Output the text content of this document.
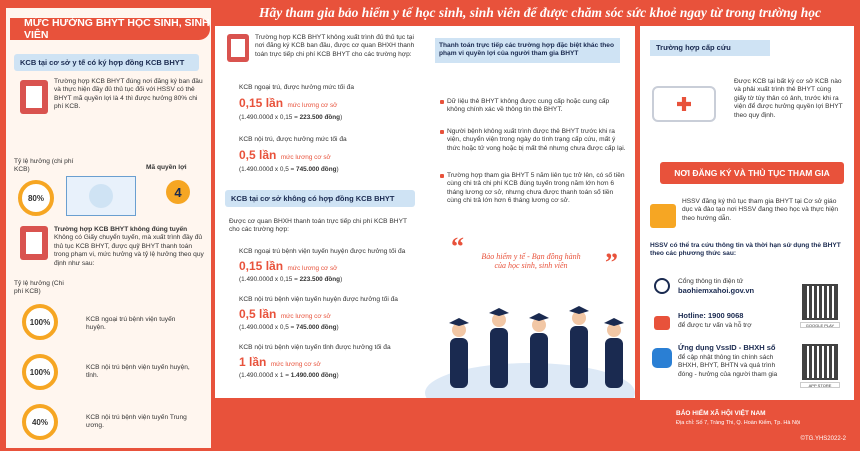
Hãy tham gia bảo hiểm y tế học sinh, sinh viên để được chăm sóc sức khoẻ ngay từ trong trường học
MỨC HƯỞNG BHYT HỌC SINH, SINH VIÊN
KCB tại cơ sở y tế có ký hợp đồng KCB BHYT
Trường hợp KCB BHYT đúng nơi đăng ký ban đầu và thực hiện đầy đủ thủ tục đối với HSSV có thẻ BHYT mã quyền lợi là 4 thì được hưởng 80% chi phí KCB.
Tỷ lệ hưởng (chi phí KCB)
80%
Mã quyền lợi
4
Trường hợp KCB BHYT không đúng tuyến Không có Giấy chuyển tuyến, mà xuất trình đầy đủ thủ tục KCB BHYT, được quỹ BHYT thanh toán trong phạm vi, mức hưởng và tỷ lệ hưởng theo quy định như sau:
Tỷ lệ hưởng (Chi phí KCB)
100%	KCB ngoại trú bệnh viện tuyến huyện.
100%	KCB nội trú bệnh viện tuyến huyện, tỉnh.
40%	KCB nội trú bệnh viện tuyến Trung ương.
Trường hợp KCB BHYT không xuất trình đủ thủ tục tại nơi đăng ký KCB ban đầu, được cơ quan BHXH thanh toán trực tiếp chi phí KCB BHYT cho các trường hợp:
KCB ngoại trú, được hưởng mức tối đa
0,15 lần mức lương cơ sở
(1.490.000đ x 0,15 = 223.500 đồng)
KCB nội trú, được hưởng mức tối đa
0,5 lần mức lương cơ sở
(1.490.000đ x 0,5 = 745.000 đồng)
KCB tại cơ sở không có hợp đồng KCB BHYT
Được cơ quan BHXH thanh toán trực tiếp chi phí KCB BHYT cho các trường hợp:
KCB ngoại trú bệnh viện tuyến huyện được hưởng tối đa
0,15 lần mức lương cơ sở
(1.490.000đ x 0,15 = 223.500 đồng)
KCB nội trú bệnh viện tuyến huyện được hưởng tối đa
0,5 lần mức lương cơ sở
(1.490.000đ x 0,5 = 745.000 đồng)
KCB nội trú bệnh viện tuyến tỉnh được hưởng tối đa
1 lần mức lương cơ sở
(1.490.000đ x 1 = 1.490.000 đồng)
Thanh toán trực tiếp các trường hợp đặc biệt khác theo phạm vi quyền lợi của người tham gia BHYT
Dữ liệu thẻ BHYT không được cung cấp hoặc cung cấp không chính xác về thông tin thẻ BHYT.
Người bệnh không xuất trình được thẻ BHYT trước khi ra viện, chuyển viện trong ngày do tình trạng cấp cứu, mất ý thức hoặc tử vong hoặc bị mất thẻ nhưng chưa được cấp lại.
Trường hợp tham gia BHYT 5 năm liên tục trở lên, có số tiền cùng chi trả chi phí KCB đúng tuyến trong năm lớn hơn 6 tháng lương cơ sở, nhưng chưa được thanh toán số tiền cùng chi trả lớn hơn 6 tháng lương cơ sở.
“	Bảo hiểm y tế - Bạn đồng hành
của học sinh, sinh viên	”
Trường hợp cấp cứu
Được KCB tại bất kỳ cơ sở KCB nào và phải xuất trình thẻ BHYT cùng giấy tờ tùy thân có ảnh, trước khi ra viện để được hưởng quyền lợi BHYT theo quy định.
NƠI ĐĂNG KÝ VÀ THỦ TỤC THAM GIA
HSSV đăng ký thủ tục tham gia BHYT tại Cơ sở giáo dục và đào tạo nơi HSSV đang theo học và thực hiện theo hướng dẫn.
HSSV có thể tra cứu thông tin và thời hạn sử dụng thẻ BHYT theo các phương thức sau:
Cổng thông tin điện tử
baohiemxahoi.gov.vn
Hotline: 1900 9068
để được tư vấn và hỗ trợ
Ứng dụng VssID - BHXH số
để cập nhật thông tin chính sách BHXH, BHYT, BHTN và quá trình đóng - hưởng của người tham gia
GOOGLE PLAY
APP STORE
BẢO HIỂM XÃ HỘI VIỆT NAM
Địa chỉ: Số 7, Tràng Thi, Q. Hoàn Kiếm, Tp. Hà Nội
©TG.YHS2022-2
